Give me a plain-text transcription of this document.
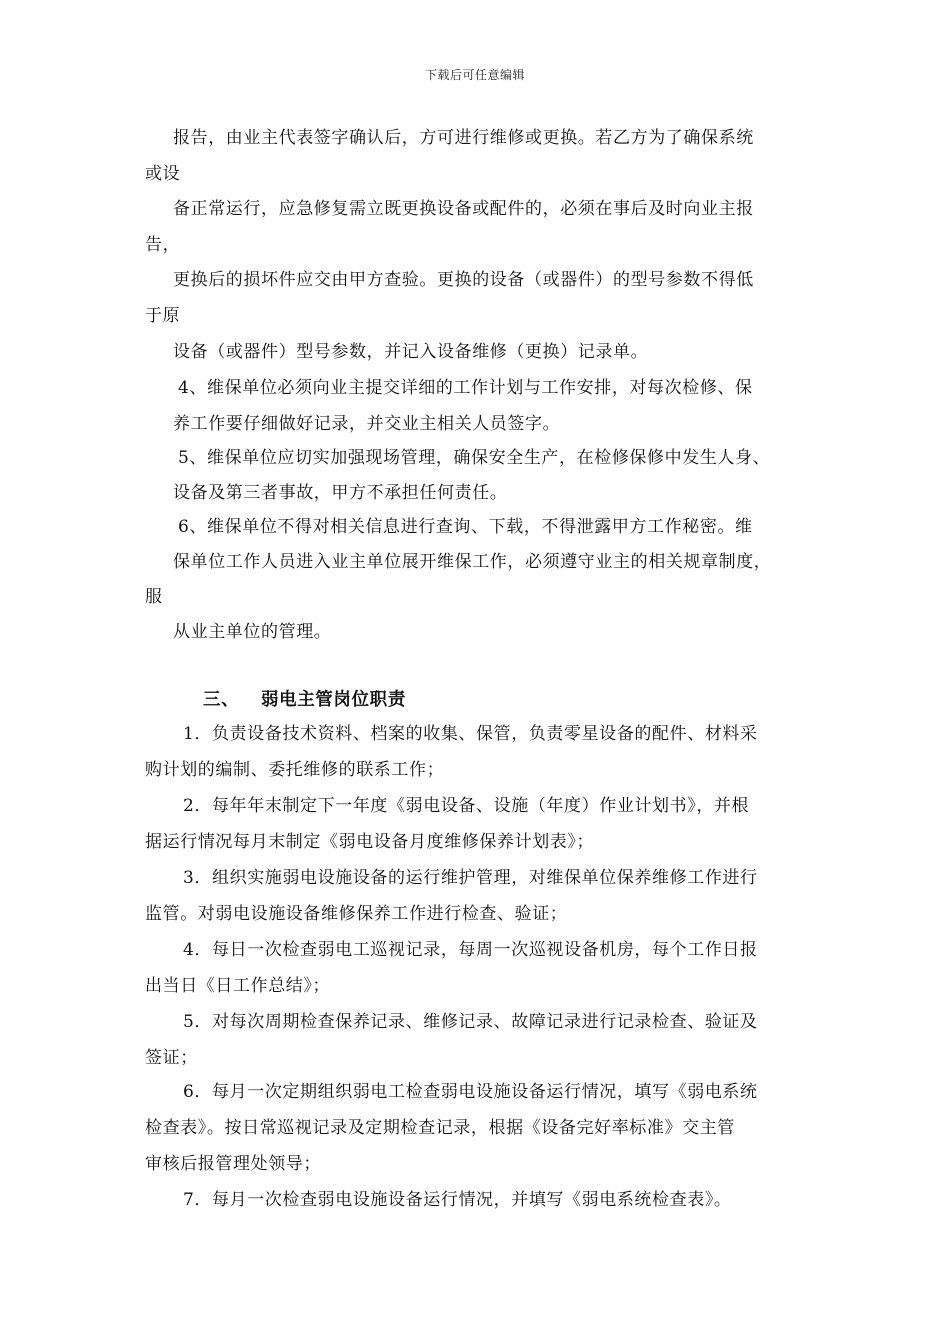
下载后可任意编辑
报告，由业主代表签字确认后，方可进行维修或更换。若乙方为了确保系统
或设
备正常运行，应急修复需立既更换设备或配件的，必须在事后及时向业主报
告，
更换后的损坏件应交由甲方查验。更换的设备（或器件）的型号参数不得低
于原
设备（或器件）型号参数，并记入设备维修（更换）记录单。
4、维保单位必须向业主提交详细的工作计划与工作安排，对每次检修、保
养工作要仔细做好记录，并交业主相关人员签字。
5、维保单位应切实加强现场管理，确保安全生产，在检修保修中发生人身、
设备及第三者事故，甲方不承担任何责任。
6、维保单位不得对相关信息进行查询、下载，不得泄露甲方工作秘密。维
保单位工作人员进入业主单位展开维保工作，必须遵守业主的相关规章制度，
服
从业主单位的管理。
三、 弱电主管岗位职责
1．负责设备技术资料、档案的收集、保管，负责零星设备的配件、材料采
购计划的编制、委托维修的联系工作；
2．每年年末制定下一年度《弱电设备、设施（年度）作业计划书》，并根
据运行情况每月末制定《弱电设备月度维修保养计划表》；
3．组织实施弱电设施设备的运行维护管理，对维保单位保养维修工作进行
监管。对弱电设施设备维修保养工作进行检查、验证；
4．每日一次检查弱电工巡视记录，每周一次巡视设备机房，每个工作日报
出当日《日工作总结》；
5．对每次周期检查保养记录、维修记录、故障记录进行记录检查、验证及
签证；
6．每月一次定期组织弱电工检查弱电设施设备运行情况，填写《弱电系统
检查表》。按日常巡视记录及定期检查记录，根据《设备完好率标准》交主管
审核后报管理处领导；
7．每月一次检查弱电设施设备运行情况，并填写《弱电系统检查表》。
